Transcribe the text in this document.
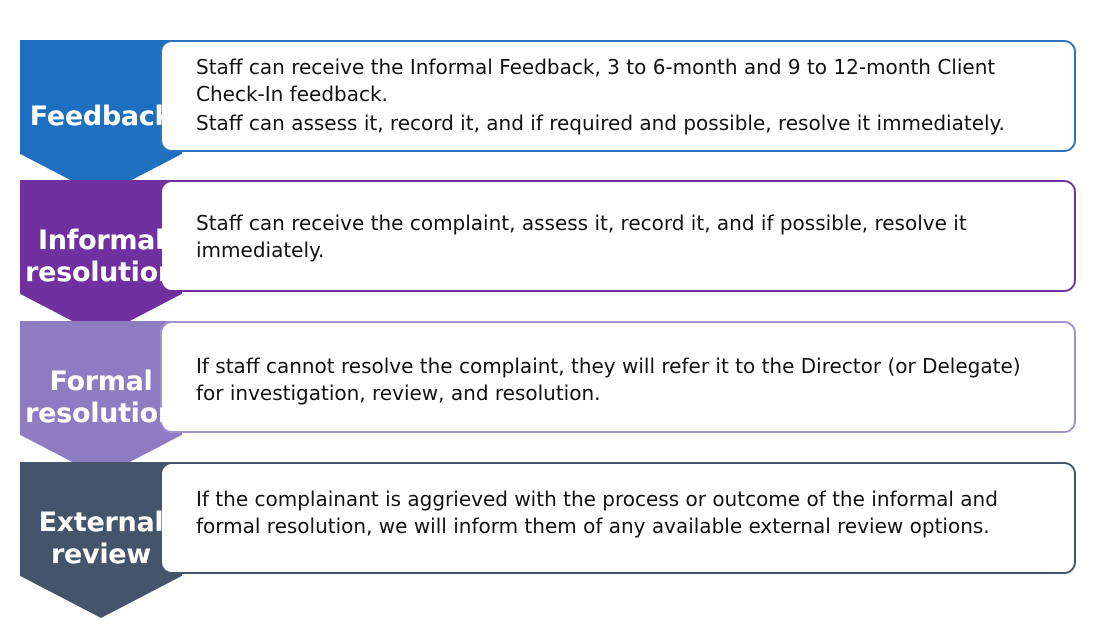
Staff can receive the Informal Feedback, 3 to 6-month and 9 to 12-month Client Check-In feedback.

Staff can assess it, record it, and if required and possible, resolve it immediately.

Feedback

Staff can receive the complaint, assess it, record it, and if possible, resolve it immediately.

Informal
resolution

If staff cannot resolve the complaint, they will refer it to the Director (or Delegate) for investigation, review, and resolution.

Formal
resolution

If the complainant is aggrieved with the process or outcome of the informal and formal resolution, we will inform them of any available external review options.

External
review
